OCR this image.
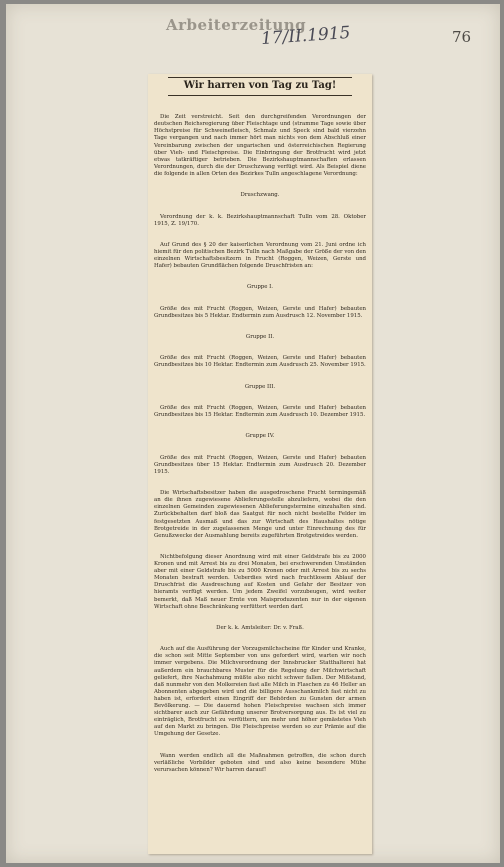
Arbeiterzeitung
17/II.1915	76
Wir harren von Tag zu Tag!

Die Zeit verstreicht. Seit den durchgreifenden Verordnungen der deutschen Reichsregierung über Fleischtage und (stramme Tage sowie über Höchstpreise für Schweinefleisch, Schmalz und Speck sind bald vierzehn Tage vergangen und nach immer hört man nichts von dem Abschluß einer Vereinbarung zwischen der ungarischen und österreichischen Regierung über Vieh- und Fleischpreise. Die Einbringung der Brotfrucht wird jetzt etwas tatkräftiger betrieben. Die Bezirkshauptmannschaften erlassen Verordnungen, durch die der Druschzwang verfügt wird. Als Beispiel diene die folgende in allen Orten des Bezirkes Tulln angeschlagene Verordnung:

Druschzwang.

Verordnung der k. k. Bezirkshauptmannschaft Tulln vom 28. Oktober 1915, Z. 19/170.

Auf Grund des § 20 der kaiserlichen Verordnung vom 21. Juni ordne ich hiemit für den politischen Bezirk Tulln nach Maßgabe der Größe der von den einzelnen Wirtschaftsbesitzern in Frucht (Roggen, Weizen, Gerste und Hafer) bebauten Grundflächen folgende Druschfristen an:

Gruppe I.

Größe des mit Frucht (Roggen, Weizen, Gerste und Hafer) bebauten Grundbesitzes bis 5 Hektar. Endtermin zum Ausdrusch 12. November 1915.

Gruppe II.

Größe des mit Frucht (Roggen, Weizen, Gerste und Hafer) bebauten Grundbesitzes bis 10 Hektar. Endtermin zum Ausdrusch 25. November 1915.

Gruppe III.

Größe des mit Frucht (Roggen, Weizen, Gerste und Hafer) bebauten Grundbesitzes bis 15 Hektar. Endtermin zum Ausdrusch 10. Dezember 1915.

Gruppe IV.

Größe des mit Frucht (Roggen, Weizen, Gerste und Hafer) bebauten Grundbesitzes über 15 Hektar. Endtermin zum Ausdrusch 20. Dezember 1915.

Die Wirtschaftsbesitzer haben die ausgedroschene Frucht termingemäß an die ihnen zugewiesene Ablieferungsstelle abzuliefern, wobei die den einzelnen Gemeinden zugewiesenen Ablieferungstermine einzuhalten sind. Zurückbehalten darf bloß das Saatgut für noch nicht bestellte Felder im festgesetzten Ausmaß und das zur Wirtschaft des Haushaltes nötige Brotgetreide in der zugelassenen Menge und unter Einrechnung des für Genußzwecke der Ausmahlung bereits zugeführten Brotgetreides werden.

Nichtbefolgung dieser Anordnung wird mit einer Geldstrafe bis zu 2000 Kronen und mit Arrest bis zu drei Monaten, bei erschwerenden Umständen aber mit einer Geldstrafe bis zu 5000 Kronen oder mit Arrest bis zu sechs Monaten bestraft werden. Ueberdies wird nach fruchtlosem Ablauf der Druschfrist die Ausdreschung auf Kosten und Gefahr der Besitzer von hieramts verfügt werden. Um jedem Zweifel vorzubeugen, wird weiter bemerkt, daß Maß neuer Ernte von Maisproduzenten nur in der eigenen Wirtschaft ohne Beschränkung verfüttert werden darf.

Der k. k. Amtsleiter: Dr. v. Fraß.

Auch auf die Ausführung der Vorzugsmilchscheine für Kinder und Kranke, die schon seit Mitte September von uns gefordert wird, warten wir noch immer vergebens. Die Milchverordnung der Innsbrucker Statthalterei hat außerdem ein brauchbares Muster für die Regelung der Milchwirtschaft geliefert, ihre Nachahmung müßte also nicht schwer fallen. Der Mißstand, daß nunmehr von den Molkereien fast alle Milch in Flaschen zu 46 Heller an Abonnenten abgegeben wird und die billigere Ausschankmilch fast nicht zu haben ist, erfordert einen Eingriff der Behörden zu Gunsten der armen Bevölkerung. — Die dauernd hohen Fleischpreise wachsen sich immer sichtbarer auch zur Gefährdung unserer Brotversorgung aus. Es ist viel zu einträglich, Brotfrucht zu verfüttern, um mehr und höher gemästetes Vieh auf den Markt zu bringen. Die Fleischpreise werden so zur Prämie auf die Umgehung der Gesetze.

Wann werden endlich all die Maßnahmen getroffen, die schon durch verläßliche Vorbilder geboten sind und also keine besondere Mühe verursachen können? Wir harren darauf!
